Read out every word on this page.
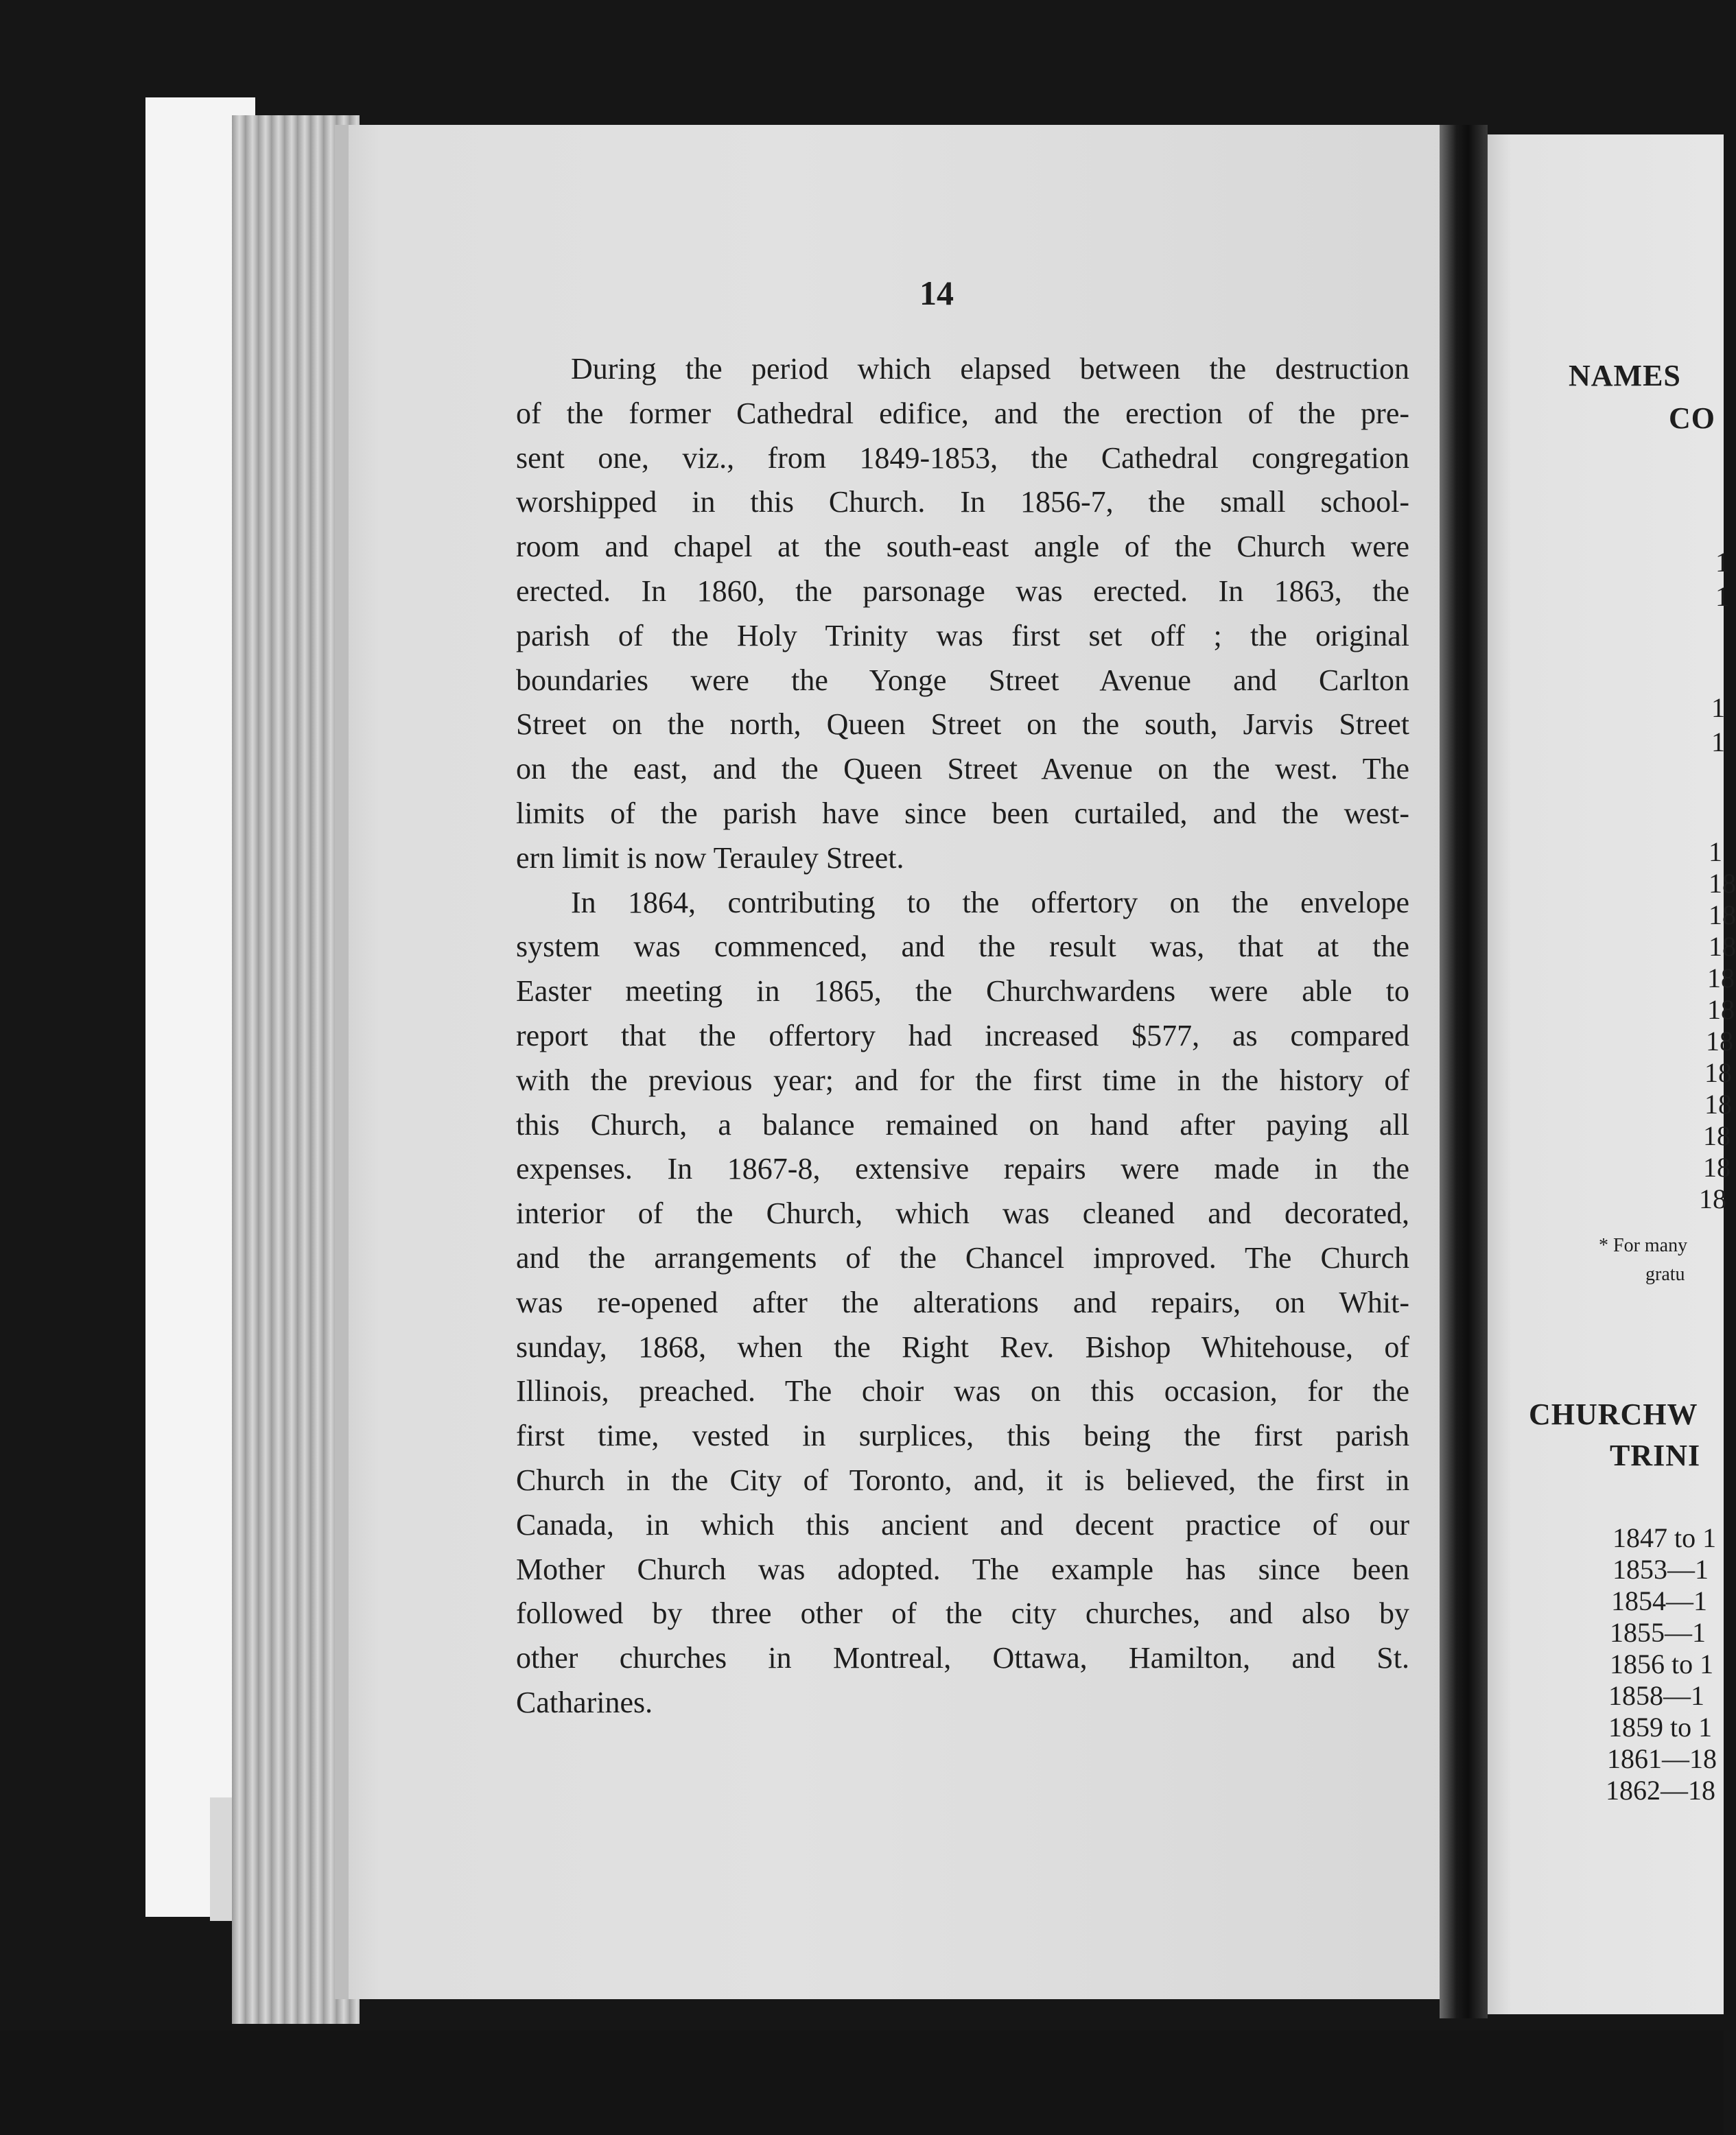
14
During the period which elapsed between the destruction
of the former Cathedral edifice, and the erection of the pre-
sent one, viz., from 1849-1853, the Cathedral congregation
worshipped in this Church. In 1856-7, the small school-
room and chapel at the south-east angle of the Church were
erected. In 1860, the parsonage was erected. In 1863, the
parish of the Holy Trinity was first set off ; the original
boundaries were the Yonge Street Avenue and Carlton
Street on the north, Queen Street on the south, Jarvis Street
on the east, and the Queen Street Avenue on the west. The
limits of the parish have since been curtailed, and the west-
ern limit is now Terauley Street.
In 1864, contributing to the offertory on the envelope
system was commenced, and the result was, that at the
Easter meeting in 1865, the Churchwardens were able to
report that the offertory had increased $577, as compared
with the previous year; and for the first time in the history of
this Church, a balance remained on hand after paying all
expenses. In 1867-8, extensive repairs were made in the
interior of the Church, which was cleaned and decorated,
and the arrangements of the Chancel improved. The Church
was re-opened after the alterations and repairs, on Whit-
sunday, 1868, when the Right Rev. Bishop Whitehouse, of
Illinois, preached. The choir was on this occasion, for the
first time, vested in surplices, this being the first parish
Church in the City of Toronto, and, it is believed, the first in
Canada, in which this ancient and decent practice of our
Mother Church was adopted. The example has since been
followed by three other of the city churches, and also by
other churches in Montreal, Ottawa, Hamilton, and St.
Catharines.
NAMES
CO
1
1
1
1
1
18
18
18
18
18
18
18
18
18
18
18
* For many
gratu
CHURCHW
TRINI
1847 to 1
1853—1
1854—1
1855—1
1856 to 1
1858—1
1859 to 1
1861—18
1862—18
